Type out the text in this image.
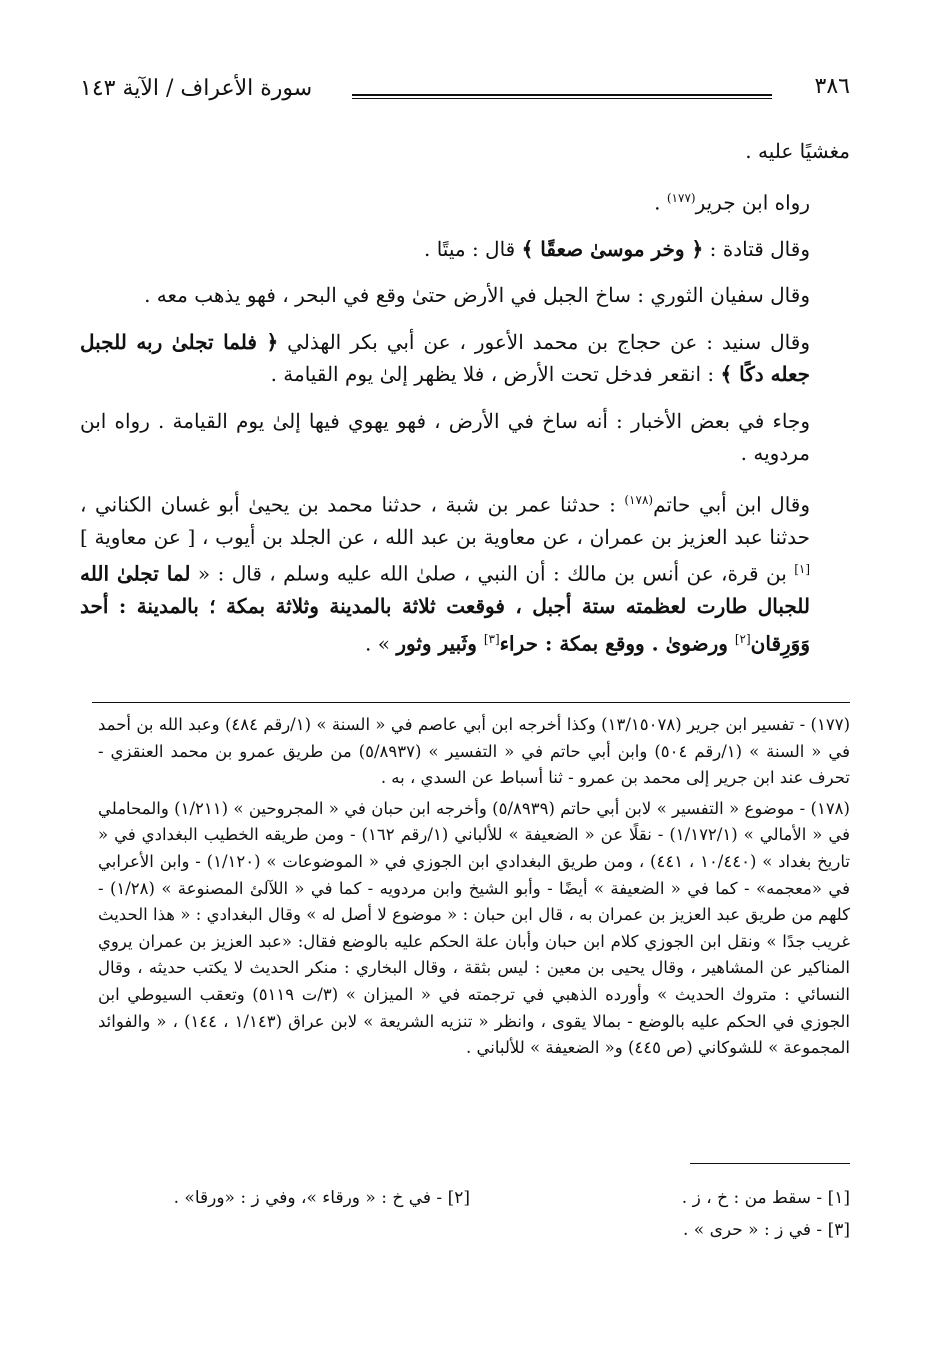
٣٨٦
سورة الأعراف / الآية ١٤٣

مغشيًا عليه .

رواه ابن جرير$^{(١٧٧)}$ .

وقال قتادة : ﴿ وخر موسىٰ صعقًا ﴾ قال : ميتًا .

وقال سفيان الثوري : ساخ الجبل في الأرض حتىٰ وقع في البحر ، فهو يذهب معه .

وقال سنيد : عن حجاج بن محمد الأعور ، عن أبي بكر الهذلي ﴿ فلما تجلىٰ ربه للجبل جعله دكًا ﴾ : انقعر فدخل تحت الأرض ، فلا يظهر إلىٰ يوم القيامة .

وجاء في بعض الأخبار : أنه ساخ في الأرض ، فهو يهوي فيها إلىٰ يوم القيامة . رواه ابن مردويه .

وقال ابن أبي حاتم$^{(١٧٨)}$ : حدثنا عمر بن شبة ، حدثنا محمد بن يحيىٰ أبو غسان الكناني ، حدثنا عبد العزيز بن عمران ، عن معاوية بن عبد الله ، عن الجلد بن أيوب ، [ عن معاوية ][١] بن قرة، عن أنس بن مالك : أن النبي ، صلىٰ الله عليه وسلم ، قال : « لما تجلىٰ الله للجبال طارت لعظمته ستة أجبل ، فوقعت ثلاثة بالمدينة وثلاثة بمكة ؛ بالمدينة : أحد وَوَرِقان[٢] ورضوىٰ . ووقع بمكة : حراء[٣] وثَبير وثور » .

(١٧٧) - تفسير ابن جرير (١٣/١٥٠٧٨) وكذا أخرجه ابن أبي عاصم في « السنة » (١/رقم ٤٨٤) وعبد الله بن أحمد في « السنة » (١/رقم ٥٠٤) وابن أبي حاتم في « التفسير » (٥/٨٩٣٧) من طريق عمرو بن محمد العنقزي - تحرف عند ابن جرير إلى محمد بن عمرو - ثنا أسباط عن السدي ، به .

(١٧٨) - موضوع « التفسير » لابن أبي حاتم (٥/٨٩٣٩) وأخرجه ابن حبان في « المجروحين » (١/٢١١) والمحاملي في « الأمالي » (١/١٧٢/١) - نقلًا عن « الضعيفة » للألباني (١/رقم ١٦٢) - ومن طريقه الخطيب البغدادي في « تاريخ بغداد » (١٠/٤٤٠ ، ٤٤١) ، ومن طريق البغدادي ابن الجوزي في « الموضوعات » (١/١٢٠) - وابن الأعرابي في «معجمه» - كما في « الضعيفة » أيضًا - وأبو الشيخ وابن مردويه - كما في « اللآلئ المصنوعة » (١/٢٨) - كلهم من طريق عبد العزيز بن عمران به ، قال ابن حبان : « موضوع لا أصل له » وقال البغدادي : « هذا الحديث غريب جدًا » ونقل ابن الجوزي كلام ابن حبان وأبان علة الحكم عليه بالوضع فقال: «عبد العزيز بن عمران يروي المناكير عن المشاهير ، وقال يحيى بن معين : ليس بثقة ، وقال البخاري : منكر الحديث لا يكتب حديثه ، وقال النسائي : متروك الحديث » وأورده الذهبي في ترجمته في « الميزان » (٣/ت ٥١١٩) وتعقب السيوطي ابن الجوزي في الحكم عليه بالوضع - بمالا يقوى ، وانظر « تنزيه الشريعة » لابن عراق (١/١٤٣ ، ١٤٤) ، « والفوائد المجموعة » للشوكاني (ص ٤٤٥) و« الضعيفة » للألباني .

[١] - سقط من : خ ، ز .
[٢] - في خ : « ورقاء »، وفي ز : «ورقا» .
[٣] - في ز : « حرى » .
